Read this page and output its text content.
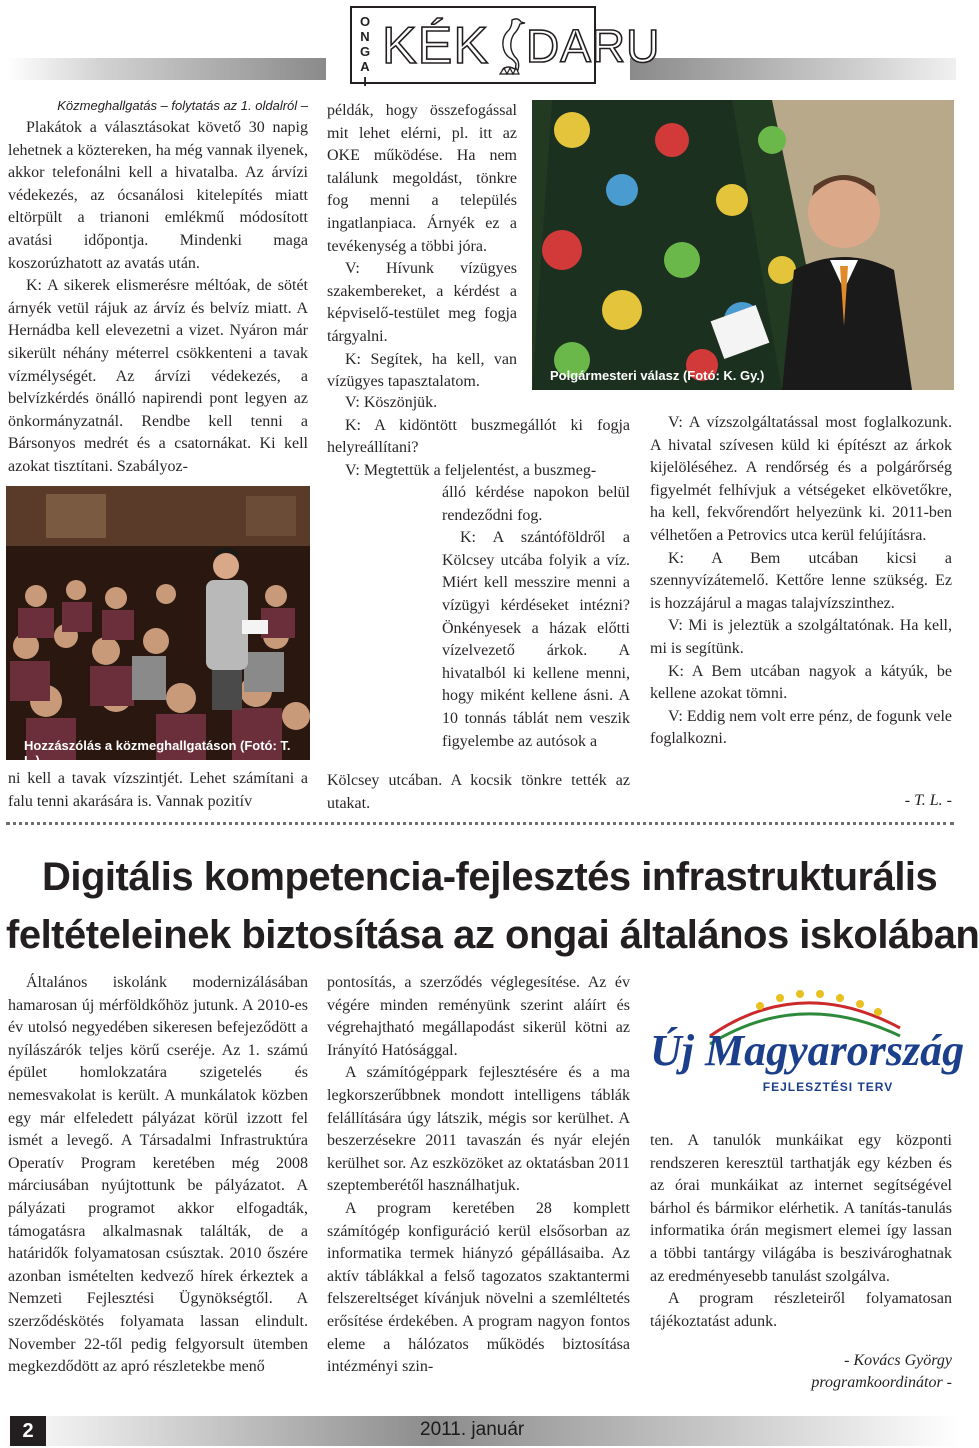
ONGAI
KÉK DARU
Közmeghallgatás – folytatás az 1. oldalról –

Plakátok a választásokat követő 30 napig lehetnek a köztereken, ha még vannak ilyenek, akkor telefonálni kell a hivatalba. Az árvízi védekezés, az ócsanálosi kitelepítés miatt eltörpült a trianoni emlékmű módosított avatási időpontja. Mindenki maga koszorúzhatott az avatás után.

K: A sikerek elismerésre méltóak, de sötét árnyék vetül rájuk az árvíz és belvíz miatt. A Hernádba kell elevezetni a vizet. Nyáron már sikerült néhány méterrel csökkenteni a tavak vízmélységét. Az árvízi védekezés, a belvízkérdés önálló napirendi pont legyen az önkormányzatnál. Rendbe kell tenni a Bársonyos medrét és a csatornákat. Ki kell azokat tisztítani. Szabályoz-

Hozzászólás a közmeghallgatáson (Fotó: T. L.)

ni kell a tavak vízszintjét. Lehet számítani a falu tenni akarására is. Vannak pozitív

példák, hogy összefogással mit lehet elérni, pl. itt az OKE működése. Ha nem találunk megoldást, tönkre fog menni a település ingatlanpiaca. Árnyék ez a tevékenység a többi jóra.

V: Hívunk vízügyes szakembereket, a kérdést a képviselő-testület meg fogja tárgyalni.

K: Segítek, ha kell, van vízügyes tapasztalatom.

V: Köszönjük.

K: A kidöntött buszmegállót ki fogja helyreállítani?

V: Megtettük a feljelentést, a buszmeg-

álló kérdése napokon belül rendeződni fog.

K: A szántóföldről a Kölcsey utcába folyik a víz. Miért kell messzire menni a vízügyi kérdéseket intézni? Önkényesek a házak előtti vízelvezető árkok. A hivatalból ki kellene menni, hogy miként kellene ásni. A 10 tonnás táblát nem veszik figyelembe az autósok a

Kölcsey utcában. A kocsik tönkre tették az utakat.

Polgármesteri válasz (Fotó: K. Gy.)

V: A vízszolgáltatással most foglalkozunk. A hivatal szívesen küld ki építészt az árkok kijelöléséhez. A rendőrség és a polgárőrség figyelmét felhívjuk a vétségeket elkövetőkre, ha kell, fekvőrendőrt helyezünk ki. 2011-ben vélhetően a Petrovics utca kerül felújításra.

K: A Bem utcában kicsi a szennyvízátemelő. Kettőre lenne szükség. Ez is hozzájárul a magas talajvízszinthez.

V: Mi is jeleztük a szolgáltatónak. Ha kell, mi is segítünk.

K: A Bem utcában nagyok a kátyúk, be kellene azokat tömni.

V: Eddig nem volt erre pénz, de fogunk vele foglalkozni.

- T. L. -
Digitális kompetencia-fejlesztés infrastrukturális
feltételeinek biztosítása az ongai általános iskolában

Általános iskolánk modernizálásában hamarosan új mérföldkőhöz jutunk. A 2010-es év utolsó negyedében sikeresen befejeződött a nyílászárók teljes körű cseréje. Az 1. számú épület homlokzatára szigetelés és nemesvakolat is került. A munkálatok közben egy már elfeledett pályázat körül izzott fel ismét a levegő. A Társadalmi Infrastruktúra Operatív Program keretében még 2008 márciusában nyújtottunk be pályázatot. A pályázati programot akkor elfogadták, támogatásra alkalmasnak találták, de a határidők folyamatosan csúsztak. 2010 őszére azonban ismételten kedvező hírek érkeztek a Nemzeti Fejlesztési Ügynökségtől. A szerződéskötés folyamata lassan elindult. November 22-től pedig felgyorsult ütemben megkezdődött az apró részletekbe menő

pontosítás, a szerződés véglegesítése. Az év végére minden reményünk szerint aláírt és végrehajtható megállapodást sikerül kötni az Irányító Hatósággal.

A számítógéppark fejlesztésére és a ma legkorszerűbbnek mondott intelligens táblák felállítására úgy látszik, mégis sor kerülhet. A beszerzésekre 2011 tavaszán és nyár elején kerülhet sor. Az eszközöket az oktatásban 2011 szeptemberétől használhatjuk.

A program keretében 28 komplett számítógép konfiguráció kerül elsősorban az informatika termek hiányzó gépállásaiba. Az aktív táblákkal a felső tagozatos szaktantermi felszereltséget kívánjuk növelni a szemléltetés erősítése érdekében. A program nagyon fontos eleme a hálózatos működés biztosítása intézményi szin-

Új Magyarország
FEJLESZTÉSI TERV

ten. A tanulók munkáikat egy központi rendszeren keresztül tarthatják egy kézben és az órai munkáikat az internet segítségével bárhol és bármikor elérhetik. A tanítás-tanulás informatika órán megismert elemei így lassan a többi tantárgy világába is beszivároghatnak az eredményesebb tanulást szolgálva.

A program részleteiről folyamatosan tájékoztatást adunk.

- Kovács György
programkoordinátor -
2	2011. január
